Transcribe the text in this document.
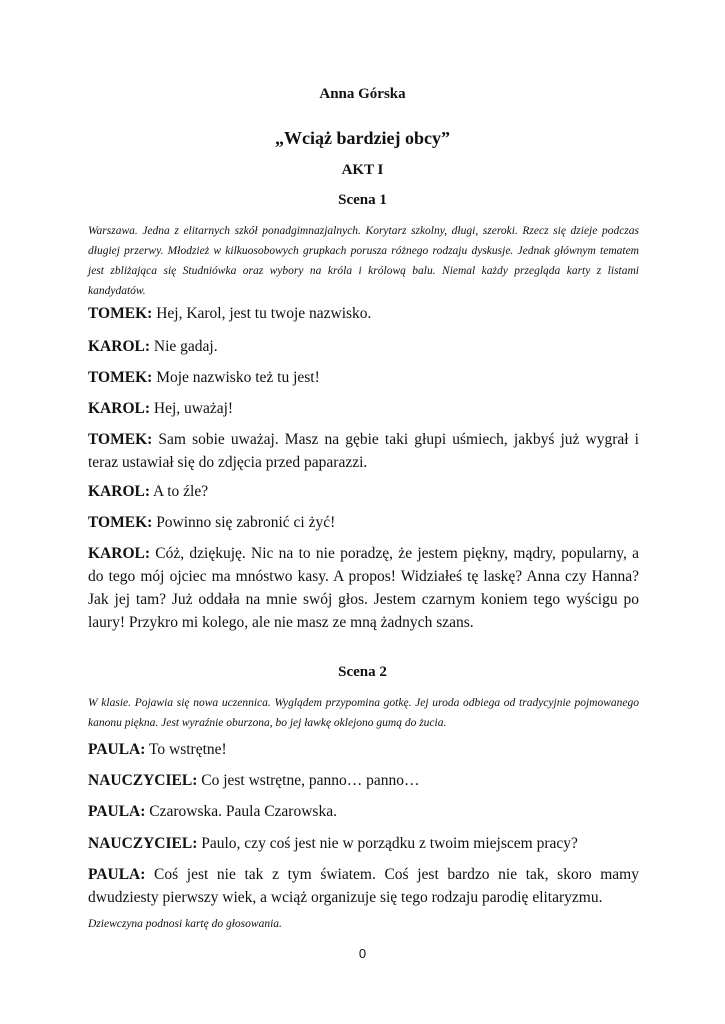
Anna Górska
„Wciąż bardziej obcy”
AKT I
Scena 1
Warszawa. Jedna z elitarnych szkół ponadgimnazjalnych. Korytarz szkolny, długi, szeroki. Rzecz się dzieje podczas długiej przerwy. Młodzież w kilkuosobowych grupkach porusza różnego rodzaju dyskusje. Jednak głównym tematem jest zbliżająca się Studniówka oraz wybory na króla i królową balu. Niemal każdy przegląda karty z listami kandydatów.
TOMEK: Hej, Karol, jest tu twoje nazwisko.
KAROL: Nie gadaj.
TOMEK: Moje nazwisko też tu jest!
KAROL: Hej, uważaj!
TOMEK: Sam sobie uważaj. Masz na gębie taki głupi uśmiech, jakbyś już wygrał i teraz ustawiał się do zdjęcia przed paparazzi.
KAROL: A to źle?
TOMEK: Powinno się zabronić ci żyć!
KAROL: Cóż, dziękuję. Nic na to nie poradzę, że jestem piękny, mądry, popularny, a do tego mój ojciec ma mnóstwo kasy. A propos! Widziałeś tę laskę? Anna czy Hanna? Jak jej tam? Już oddała na mnie swój głos. Jestem czarnym koniem tego wyścigu po laury! Przykro mi kolego, ale nie masz ze mną żadnych szans.
Scena 2
W klasie. Pojawia się nowa uczennica. Wyglądem przypomina gotkę. Jej uroda odbiega od tradycyjnie pojmowanego kanonu piękna. Jest wyraźnie oburzona, bo jej ławkę oklejono gumą do żucia.
PAULA: To wstrętne!
NAUCZYCIEL: Co jest wstrętne, panno… panno…
PAULA: Czarowska. Paula Czarowska.
NAUCZYCIEL: Paulo, czy coś jest nie w porządku z twoim miejscem pracy?
PAULA: Coś jest nie tak z tym światem. Coś jest bardzo nie tak, skoro mamy dwudziesty pierwszy wiek, a wciąż organizuje się tego rodzaju parodię elitaryzmu.
Dziewczyna podnosi kartę do głosowania.
0
